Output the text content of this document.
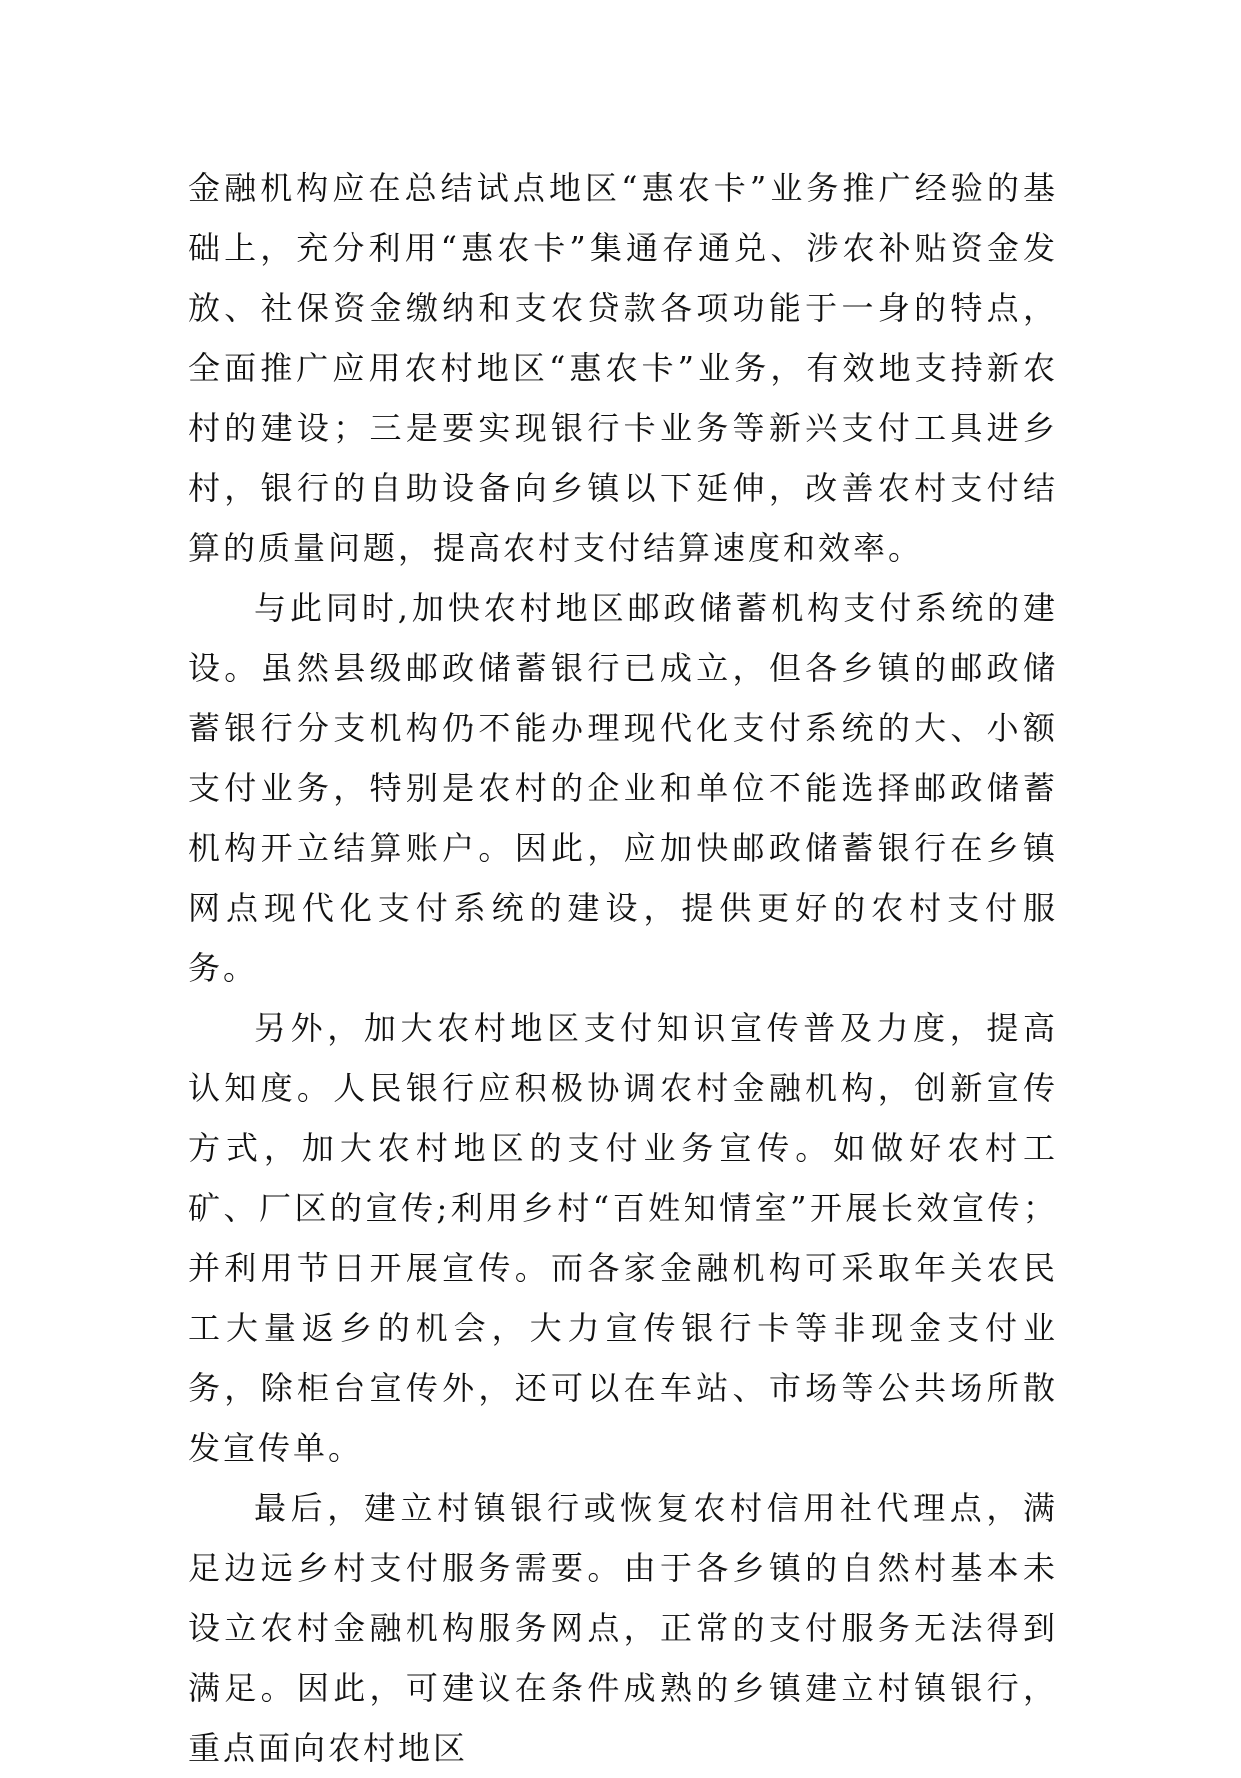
金融机构应在总结试点地区“惠农卡”业务推广经验的基础上，充分利用“惠农卡”集通存通兑、涉农补贴资金发放、社保资金缴纳和支农贷款各项功能于一身的特点，全面推广应用农村地区“惠农卡”业务，有效地支持新农村的建设；三是要实现银行卡业务等新兴支付工具进乡村，银行的自助设备向乡镇以下延伸，改善农村支付结算的质量问题，提高农村支付结算速度和效率。

与此同时,加快农村地区邮政储蓄机构支付系统的建设。虽然县级邮政储蓄银行已成立，但各乡镇的邮政储蓄银行分支机构仍不能办理现代化支付系统的大、小额支付业务，特别是农村的企业和单位不能选择邮政储蓄机构开立结算账户。因此，应加快邮政储蓄银行在乡镇网点现代化支付系统的建设，提供更好的农村支付服务。

另外，加大农村地区支付知识宣传普及力度，提高认知度。人民银行应积极协调农村金融机构，创新宣传方式，加大农村地区的支付业务宣传。如做好农村工矿、厂区的宣传;利用乡村“百姓知情室”开展长效宣传；并利用节日开展宣传。而各家金融机构可采取年关农民工大量返乡的机会，大力宣传银行卡等非现金支付业务，除柜台宣传外，还可以在车站、市场等公共场所散发宣传单。

最后，建立村镇银行或恢复农村信用社代理点，满足边远乡村支付服务需要。由于各乡镇的自然村基本未设立农村金融机构服务网点，正常的支付服务无法得到满足。因此，可建议在条件成熟的乡镇建立村镇银行，重点面向农村地区
